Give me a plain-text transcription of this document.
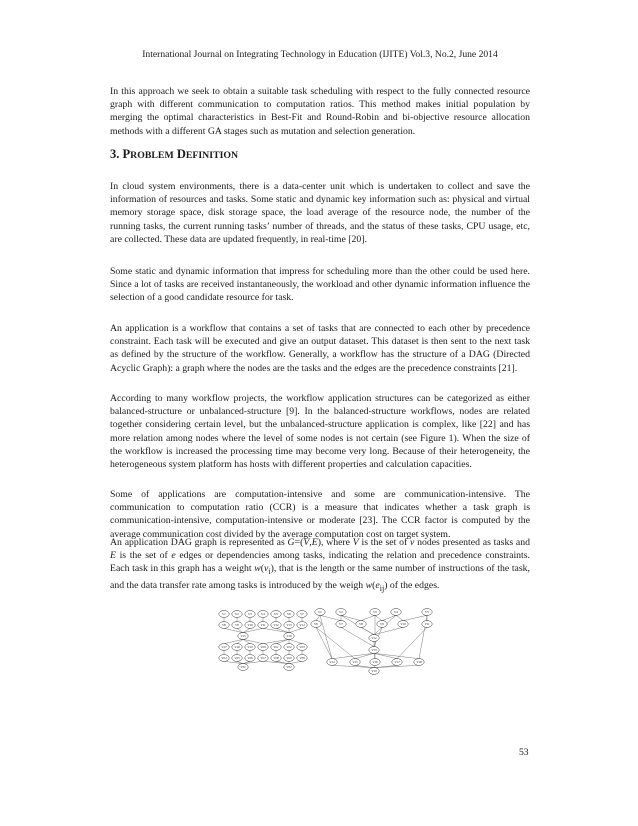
International Journal on Integrating Technology in Education (IJITE) Vol.3, No.2, June 2014

In this approach we seek to obtain a suitable task scheduling with respect to the fully connected resource graph with different communication to computation ratios. This method makes initial population by merging the optimal characteristics in Best-Fit and Round-Robin and bi-objective resource allocation methods with a different GA stages such as mutation and selection generation.

3. PROBLEM DEFINITION

In cloud system environments, there is a data-center unit which is undertaken to collect and save the information of resources and tasks. Some static and dynamic key information such as: physical and virtual memory storage space, disk storage space, the load average of the resource node, the number of the running tasks, the current running tasks’ number of threads, and the status of these tasks, CPU usage, etc, are collected. These data are updated frequently, in real-time [20].

Some static and dynamic information that impress for scheduling more than the other could be used here. Since a lot of tasks are received instantaneously, the workload and other dynamic information influence the selection of a good candidate resource for task.

An application is a workflow that contains a set of tasks that are connected to each other by precedence constraint. Each task will be executed and give an output dataset. This dataset is then sent to the next task as defined by the structure of the workflow. Generally, a workflow has the structure of a DAG (Directed Acyclic Graph): a graph where the nodes are the tasks and the edges are the precedence constraints [21].

According to many workflow projects, the workflow application structures can be categorized as either balanced-structure or unbalanced-structure [9]. In the balanced-structure workflows, nodes are related together considering certain level, but the unbalanced-structure application is complex, like [22] and has more relation among nodes where the level of some nodes is not certain (see Figure 1). When the size of the workflow is increased the processing time may become very long. Because of their heterogeneity, the heterogeneous system platform has hosts with different properties and calculation capacities.

Some of applications are computation-intensive and some are communication-intensive. The communication to computation ratio (CCR) is a measure that indicates whether a task graph is communication-intensive, computation-intensive or moderate [23]. The CCR factor is computed by the average communication cost divided by the average computation cost on target system.

An application DAG graph is represented as G=(V,E), where V is the set of v nodes presented as tasks and E is the set of e edges or dependencies among tasks, indicating the relation and precedence constraints. Each task in this graph has a weight $w(v_i)$, that is the length or the same number of instructions of the task, and the data transfer rate among tasks is introduced by the weigh $w(e_{ij})$ of the edges.

V1	V2	V3	V4	V5	V6	V7
V8	V9	V10 V11 V12 V13 V14
V15	V16
V17 V18 V19 V20 V21 V22 V23
V24 V25 V26 V27 V28 V29 V30
V31	V32
V1	V2	V3	V4	V5
V6	V7	V8	V9	V10	V11
V12
V13
V14	V15	V16	V17	V18
V19
53
